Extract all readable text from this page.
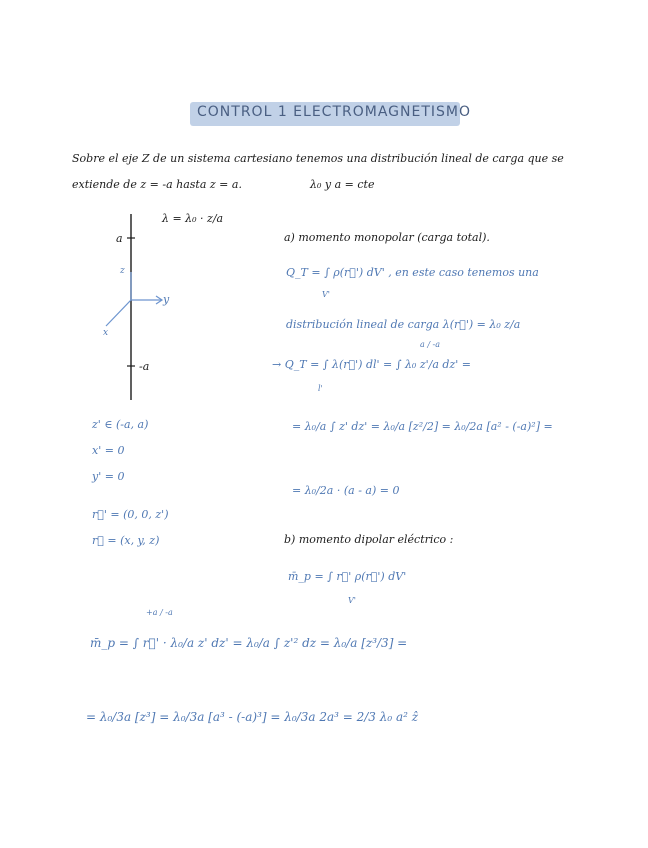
CONTROL 1 ELECTROMAGNETISMO
Sobre el eje Z de un sistema cartesiano tenemos una distribución lineal de carga que se
extiende de z = -a hasta z = a.	λ₀ y a = cte
λ = λ₀ · z/a
a
-a
z
y
x
z' ∈ (-a, a)
x' = 0
y' = 0
r⃗' = (0, 0, z')
r⃗ = (x, y, z)
a) momento monopolar (carga total).
Q_T = ∫ ρ(r⃗') dV' , en este caso tenemos una
V'
distribución lineal de carga λ(r⃗') = λ₀ z/a
→ Q_T = ∫ λ(r⃗') dl' = ∫ λ₀ z'/a dz' =
l'
a / -a
= λ₀/a ∫ z' dz' = λ₀/a [z²/2] = λ₀/2a [a² - (-a)²] =
= λ₀/2a · (a - a) = 0
b) momento dipolar eléctrico :
m̄_p = ∫ r⃗' ρ(r⃗') dV'
V'
m̄_p = ∫ r⃗' · λ₀/a z' dz' = λ₀/a ∫ z'² dz = λ₀/a [z³/3] =
+a / -a
= λ₀/3a [z³] = λ₀/3a [a³ - (-a)³] = λ₀/3a 2a³ = 2/3 λ₀ a² ẑ
